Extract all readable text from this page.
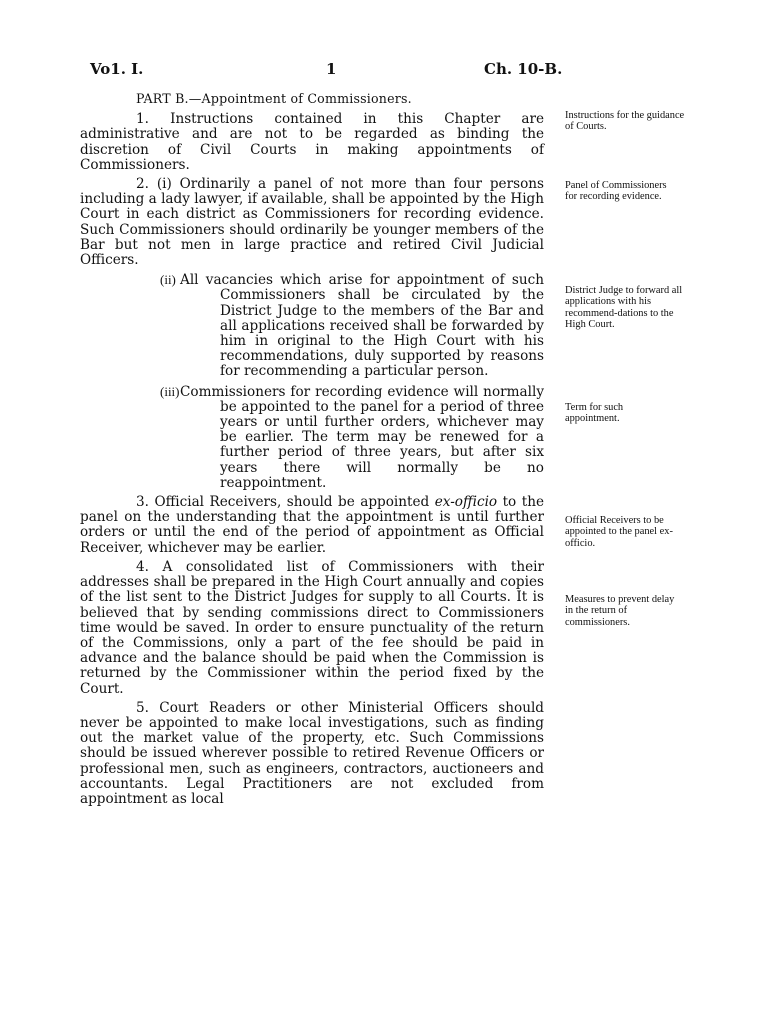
Vo1. I.	1	Ch. 10-B.

PART B.—Appointment of Commissioners.

1. Instructions contained in this Chapter are administrative and are not to be regarded as binding the discretion of Civil Courts in making appointments of Commissioners.

2. (i) Ordinarily a panel of not more than four persons including a lady lawyer, if available, shall be appointed by the High Court in each district as Commissioners for recording evidence. Such Commissioners should ordinarily be younger members of the Bar but not men in large practice and retired Civil Judicial Officers.

(ii) All vacancies which arise for appointment of such Commissioners shall be circulated by the District Judge to the members of the Bar and all applications received shall be forwarded by him in original to the High Court with his recommendations, duly supported by reasons for recommending a particular person.

(iii)Commissioners for recording evidence will normally be appointed to the panel for a period of three years or until further orders, whichever may be earlier. The term may be renewed for a further period of three years, but after six years there will normally be no reappointment.

3. Official Receivers, should be appointed ex-officio to the panel on the understanding that the appointment is until further orders or until the end of the period of appointment as Official Receiver, whichever may be earlier.

4. A consolidated list of Commissioners with their addresses shall be prepared in the High Court annually and copies of the list sent to the District Judges for supply to all Courts. It is believed that by sending commissions direct to Commissioners time would be saved. In order to ensure punctuality of the return of the Commissions, only a part of the fee should be paid in advance and the balance should be paid when the Commission is returned by the Commissioner within the period fixed by the Court.

5. Court Readers or other Ministerial Officers should never be appointed to make local investigations, such as finding out the market value of the property, etc. Such Commissions should be issued wherever possible to retired Revenue Officers or professional men, such as engineers, contractors, auctioneers and accountants. Legal Practitioners are not excluded from appointment as local

Instructions for the guidance of Courts.
Panel of Commissioners for recording evidence.
District Judge to forward all applications with his recommend-dations to the High Court.
Term for such appointment.
Official Receivers to be appointed to the panel ex-officio.
Measures to prevent delay in the return of commissioners.
